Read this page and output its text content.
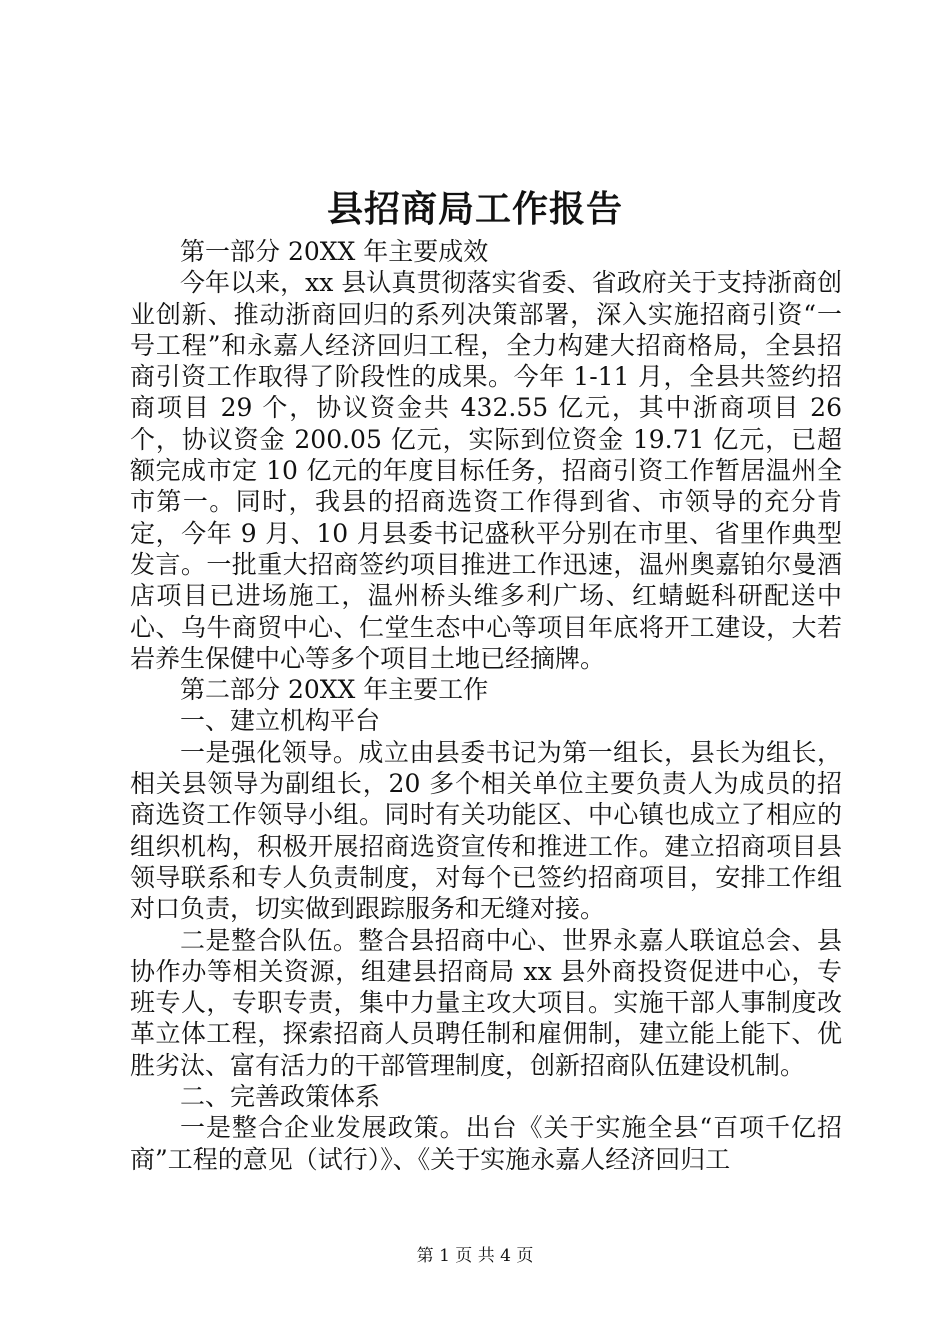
县招商局工作报告

第一部分 20XX 年主要成效

今年以来，xx 县认真贯彻落实省委、省政府关于支持浙商创业创新、推动浙商回归的系列决策部署，深入实施招商引资“一号工程”和永嘉人经济回归工程，全力构建大招商格局，全县招商引资工作取得了阶段性的成果。今年 1-11 月，全县共签约招商项目 29 个，协议资金共 432.55 亿元，其中浙商项目 26 个，协议资金 200.05 亿元，实际到位资金 19.71 亿元，已超额完成市定 10 亿元的年度目标任务，招商引资工作暂居温州全市第一。同时，我县的招商选资工作得到省、市领导的充分肯定，今年 9 月、10 月县委书记盛秋平分别在市里、省里作典型发言。一批重大招商签约项目推进工作迅速，温州奥嘉铂尔曼酒店项目已进场施工，温州桥头维多利广场、红蜻蜓科研配送中心、乌牛商贸中心、仁堂生态中心等项目年底将开工建设，大若岩养生保健中心等多个项目土地已经摘牌。

第二部分 20XX 年主要工作

一、建立机构平台

一是强化领导。成立由县委书记为第一组长，县长为组长，相关县领导为副组长，20 多个相关单位主要负责人为成员的招商选资工作领导小组。同时有关功能区、中心镇也成立了相应的组织机构，积极开展招商选资宣传和推进工作。建立招商项目县领导联系和专人负责制度，对每个已签约招商项目，安排工作组对口负责，切实做到跟踪服务和无缝对接。

二是整合队伍。整合县招商中心、世界永嘉人联谊总会、县协作办等相关资源，组建县招商局 xx 县外商投资促进中心，专班专人，专职专责，集中力量主攻大项目。实施干部人事制度改革立体工程，探索招商人员聘任制和雇佣制，建立能上能下、优胜劣汰、富有活力的干部管理制度，创新招商队伍建设机制。

二、完善政策体系

一是整合企业发展政策。出台《关于实施全县“百项千亿招商”工程的意见（试行）》、《关于实施永嘉人经济回归工

第 1 页 共 4 页
